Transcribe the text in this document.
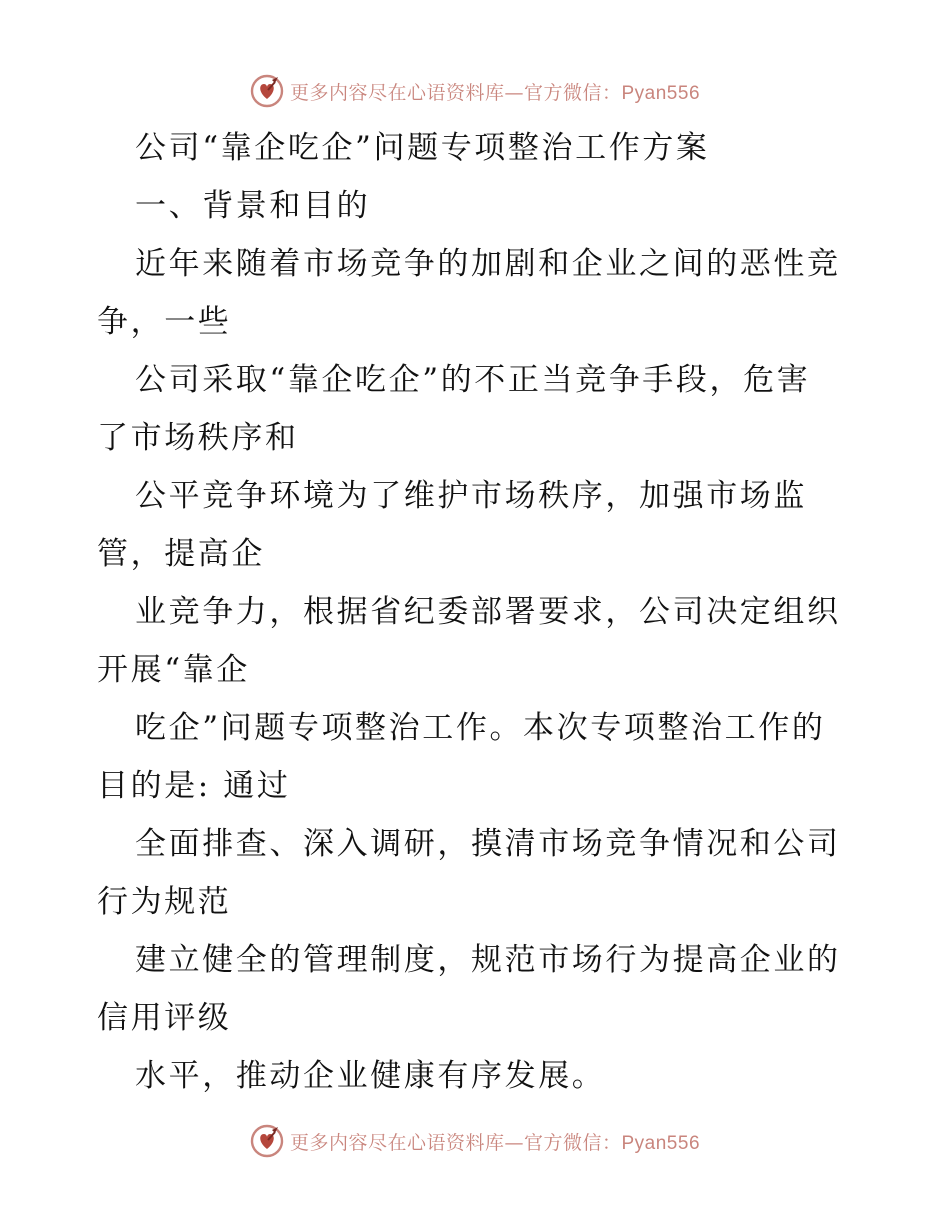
更多内容尽在心语资料库—官方微信：Pyan556
公司“靠企吃企”问题专项整治工作方案
一、背景和目的
近年来随着市场竞争的加剧和企业之间的恶性竞
争，一些
公司采取“靠企吃企”的不正当竞争手段，危害
了市场秩序和
公平竞争环境为了维护市场秩序，加强市场监
管，提高企
业竞争力，根据省纪委部署要求，公司决定组织
开展“靠企
吃企”问题专项整治工作。本次专项整治工作的
目的是: 通过
全面排查、深入调研，摸清市场竞争情况和公司
行为规范
建立健全的管理制度，规范市场行为提高企业的
信用评级
水平，推动企业健康有序发展。
更多内容尽在心语资料库—官方微信：Pyan556
